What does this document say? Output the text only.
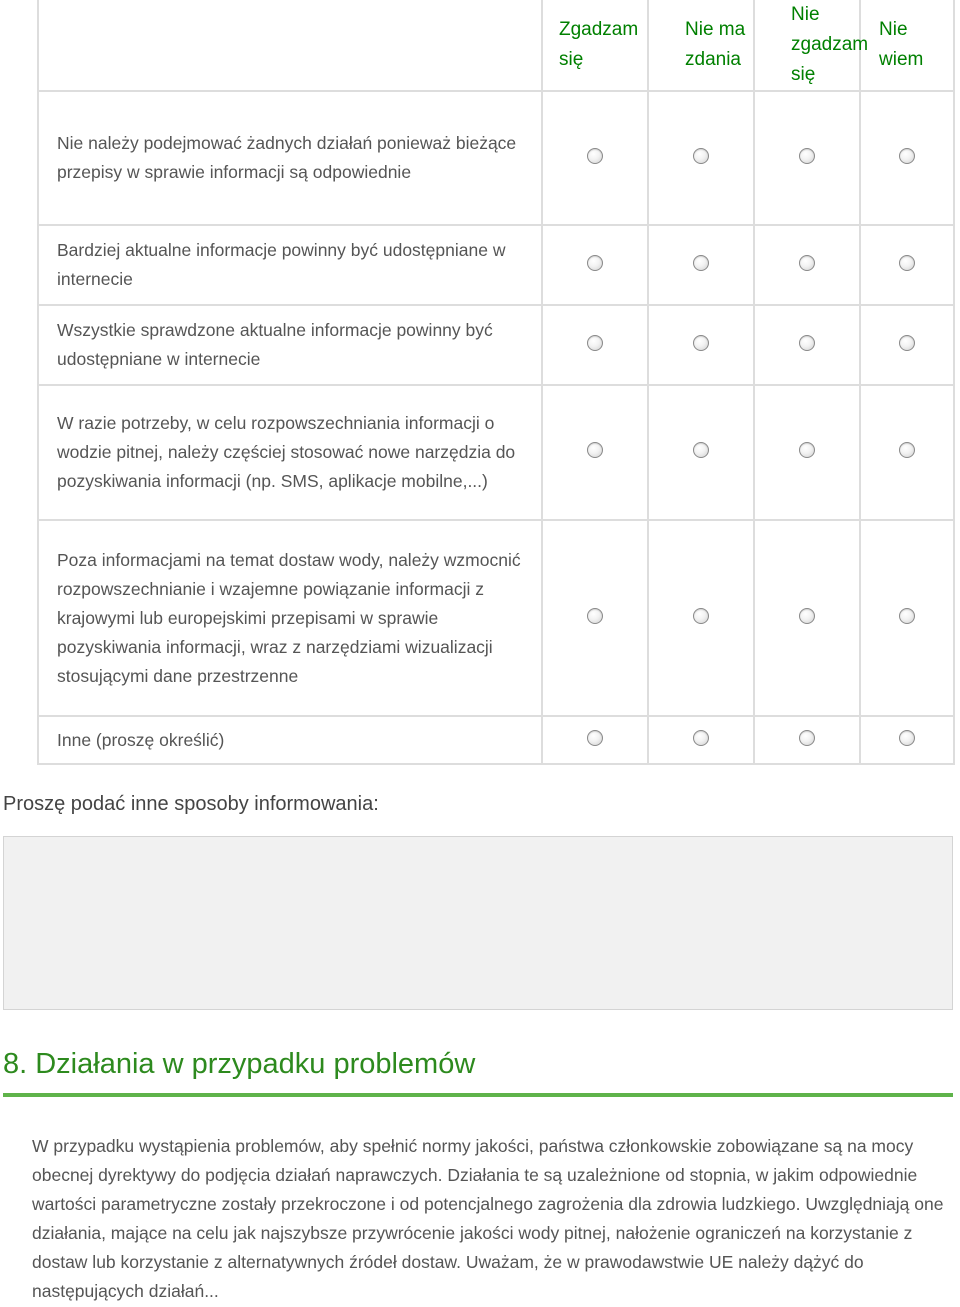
	Zgadzam się	Nie ma zdania	Nie zgadzam się	Nie wiem
Nie należy podejmować żadnych działań ponieważ bieżące przepisy w sprawie informacji są odpowiednie				
Bardziej aktualne informacje powinny być udostępniane w internecie				
Wszystkie sprawdzone aktualne informacje powinny być udostępniane w internecie				
W razie potrzeby, w celu rozpowszechniania informacji o wodzie pitnej, należy częściej stosować nowe narzędzia do pozyskiwania informacji (np. SMS, aplikacje mobilne,...)				
Poza informacjami na temat dostaw wody, należy wzmocnić rozpowszechnianie i wzajemne powiązanie informacji z krajowymi lub europejskimi przepisami w sprawie pozyskiwania informacji, wraz z narzędziami wizualizacji stosującymi dane przestrzenne				
Inne (proszę określić)				
Proszę podać inne sposoby informowania:
8. Działania w przypadku problemów

W przypadku wystąpienia problemów, aby spełnić normy jakości, państwa członkowskie zobowiązane są na mocy obecnej dyrektywy do podjęcia działań naprawczych. Działania te są uzależnione od stopnia, w jakim odpowiednie wartości parametryczne zostały przekroczone i od potencjalnego zagrożenia dla zdrowia ludzkiego. Uwzględniają one działania, mające na celu jak najszybsze przywrócenie jakości wody pitnej, nałożenie ograniczeń na korzystanie z dostaw lub korzystanie z alternatywnych źródeł dostaw. Uważam, że w prawodawstwie UE należy dążyć do następujących działań...
